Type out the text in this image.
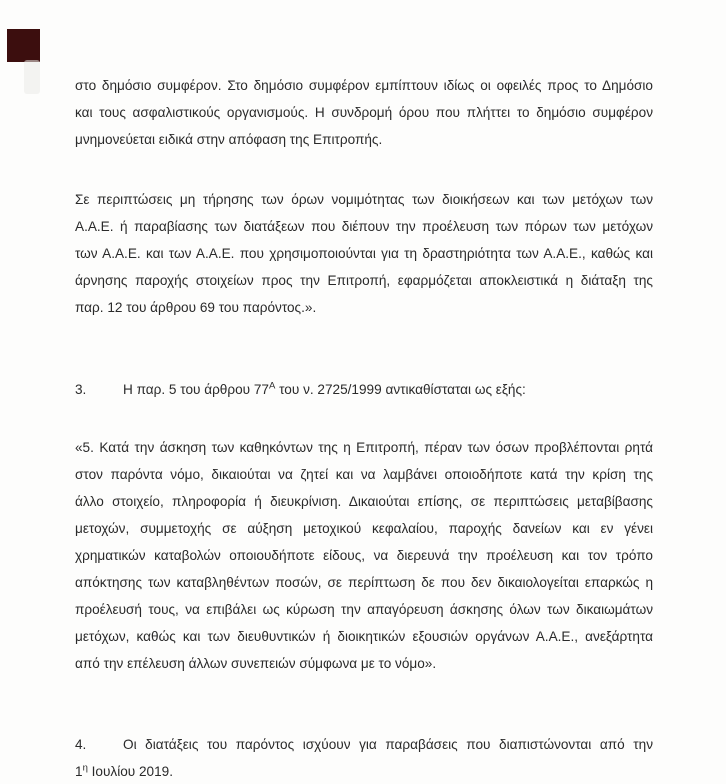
στο δημόσιο συμφέρον. Στο δημόσιο συμφέρον εμπίπτουν ιδίως οι οφειλές προς το Δημόσιο
και τους ασφαλιστικούς οργανισμούς. Η συνδρομή όρου που πλήττει το δημόσιο συμφέρον
μνημονεύεται ειδικά στην απόφαση της Επιτροπής.
Σε περιπτώσεις μη τήρησης των όρων νομιμότητας των διοικήσεων και των μετόχων των
Α.Α.Ε. ή παραβίασης των διατάξεων που διέπουν την προέλευση των πόρων των μετόχων
των Α.Α.Ε. και των Α.Α.Ε. που χρησιμοποιούνται για τη δραστηριότητα των Α.Α.Ε., καθώς και
άρνησης παροχής στοιχείων προς την Επιτροπή, εφαρμόζεται αποκλειστικά η διάταξη της
παρ. 12 του άρθρου 69 του παρόντος.».
3.	Η παρ. 5 του άρθρου $77^A$ του ν. 2725/1999 αντικαθίσταται ως εξής:
«5. Κατά την άσκηση των καθηκόντων της η Επιτροπή, πέραν των όσων προβλέπονται ρητά
στον παρόντα νόμο, δικαιούται να ζητεί και να λαμβάνει οποιοδήποτε κατά την κρίση της
άλλο στοιχείο, πληροφορία ή διευκρίνιση. Δικαιούται επίσης, σε περιπτώσεις μεταβίβασης
μετοχών, συμμετοχής σε αύξηση μετοχικού κεφαλαίου, παροχής δανείων και εν γένει
χρηματικών καταβολών οποιουδήποτε είδους, να διερευνά την προέλευση και τον τρόπο
απόκτησης των καταβληθέντων ποσών, σε περίπτωση δε που δεν δικαιολογείται επαρκώς η
προέλευσή τους, να επιβάλει ως κύρωση την απαγόρευση άσκησης όλων των δικαιωμάτων
μετόχων, καθώς και των διευθυντικών ή διοικητικών εξουσιών οργάνων Α.Α.Ε., ανεξάρτητα
από την επέλευση άλλων συνεπειών σύμφωνα με το νόμο».
4.	Οι διατάξεις του παρόντος ισχύουν για παραβάσεις που διαπιστώνονται από την
$1^\eta$ Ιουλίου 2019.
